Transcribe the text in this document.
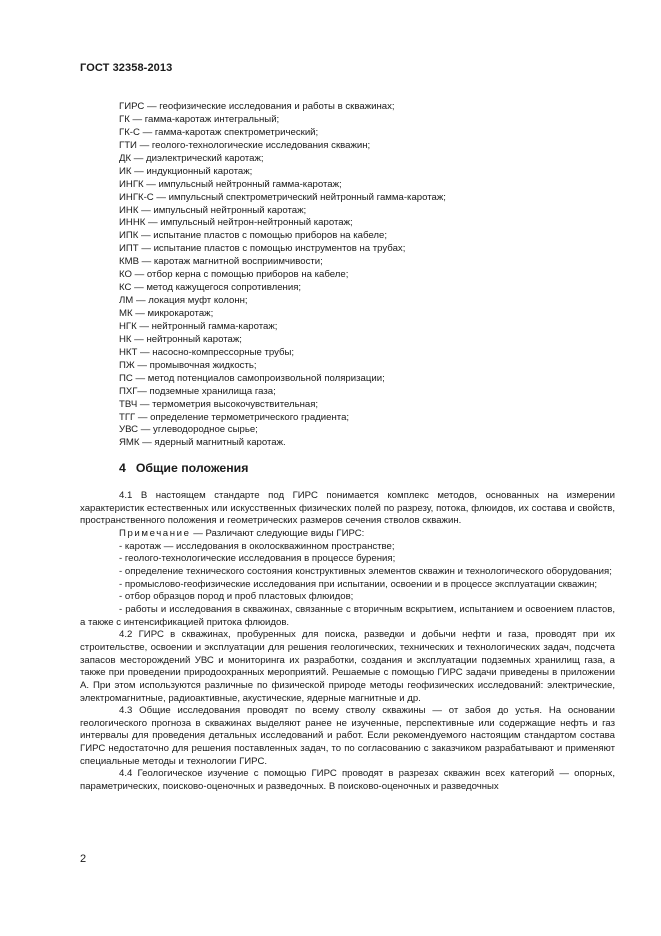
ГОСТ 32358-2013
ГИРС — геофизические исследования и работы в скважинах;
ГК — гамма-каротаж интегральный;
ГК-С — гамма-каротаж спектрометрический;
ГТИ — геолого-технологические исследования скважин;
ДК — диэлектрический каротаж;
ИК — индукционный каротаж;
ИНГК — импульсный нейтронный гамма-каротаж;
ИНГК-С — импульсный спектрометрический нейтронный гамма-каротаж;
ИНК — импульсный нейтронный каротаж;
ИННК — импульсный нейтрон-нейтронный каротаж;
ИПК — испытание пластов с помощью приборов на кабеле;
ИПТ — испытание пластов с помощью инструментов на трубах;
КМВ — каротаж магнитной восприимчивости;
КО — отбор керна с помощью приборов на кабеле;
КС — метод кажущегося сопротивления;
ЛМ — локация муфт колонн;
МК — микрокаротаж;
НГК — нейтронный гамма-каротаж;
НК — нейтронный каротаж;
НКТ — насосно-компрессорные трубы;
ПЖ — промывочная жидкость;
ПС — метод потенциалов самопроизвольной поляризации;
ПХГ— подземные хранилища газа;
ТВЧ — термометрия высокочувствительная;
ТГГ — определение термометрического градиента;
УВС — углеводородное сырье;
ЯМК — ядерный магнитный каротаж.
4 Общие положения

4.1 В настоящем стандарте под ГИРС понимается комплекс методов, основанных на измерении характеристик естественных или искусственных физических полей по разрезу, потока, флюидов, их состава и свойств, пространственного положения и геометрических размеров сечения стволов скважин.

Примечание — Различают следующие виды ГИРС:

- каротаж — исследования в околоскважинном пространстве;

- геолого-технологические исследования в процессе бурения;

- определение технического состояния конструктивных элементов скважин и технологического оборудования;

- промыслово-геофизические исследования при испытании, освоении и в процессе эксплуатации скважин;

- отбор образцов пород и проб пластовых флюидов;

- работы и исследования в скважинах, связанные с вторичным вскрытием, испытанием и освоением пластов, а также с интенсификацией притока флюидов.

4.2 ГИРС в скважинах, пробуренных для поиска, разведки и добычи нефти и газа, проводят при их строительстве, освоении и эксплуатации для решения геологических, технических и технологических задач, подсчета запасов месторождений УВС и мониторинга их разработки, создания и эксплуатации подземных хранилищ газа, а также при проведении природоохранных мероприятий. Решаемые с помощью ГИРС задачи приведены в приложении А. При этом используются различные по физической природе методы геофизических исследований: электрические, электромагнитные, радиоактивные, акустические, ядерные магнитные и др.

4.3 Общие исследования проводят по всему стволу скважины — от забоя до устья. На основании геологического прогноза в скважинах выделяют ранее не изученные, перспективные или содержащие нефть и газ интервалы для проведения детальных исследований и работ. Если рекомендуемого настоящим стандартом состава ГИРС недостаточно для решения поставленных задач, то по согласованию с заказчиком разрабатывают и применяют специальные методы и технологии ГИРС.

4.4 Геологическое изучение с помощью ГИРС проводят в разрезах скважин всех категорий — опорных, параметрических, поисково-оценочных и разведочных. В поисково-оценочных и разведочных

2
